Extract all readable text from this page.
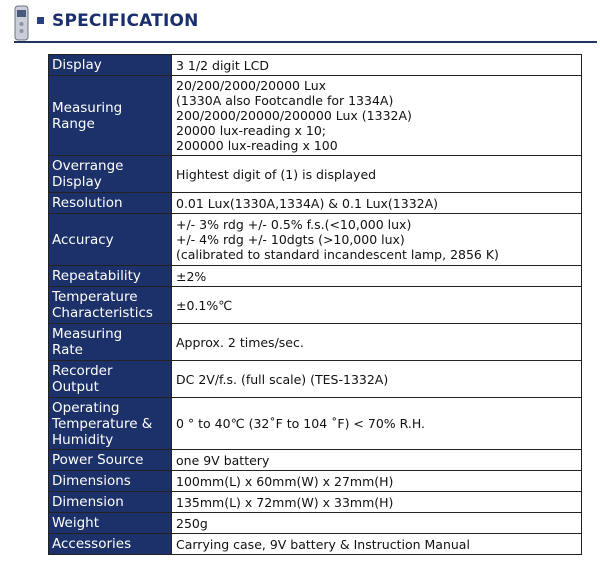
SPECIFICATION
Display	3 1/2 digit LCD

Measuring
Range	20/200/2000/20000 Lux
(1330A also Footcandle for 1334A)
200/2000/20000/200000 Lux (1332A)
20000 lux-reading x 10;
200000 lux-reading x 100

Overrange
Display	Hightest digit of (1) is displayed

Resolution	0.01 Lux(1330A,1334A) & 0.1 Lux(1332A)

Accuracy	+/- 3% rdg +/- 0.5% f.s.(<10,000 lux)
+/- 4% rdg +/- 10dgts (>10,000 lux)
(calibrated to standard incandescent lamp, 2856 K)

Repeatability	±2%

Temperature
Characteristics	±0.1%℃

Measuring
Rate	Approx. 2 times/sec.

Recorder
Output	DC 2V/f.s. (full scale) (TES-1332A)

Operating
Temperature &
Humidity	0 ° to 40℃ (32˚F to 104 ˚F) < 70% R.H.

Power Source	one 9V battery

Dimensions	100mm(L) x 60mm(W) x 27mm(H)

Dimension	135mm(L) x 72mm(W) x 33mm(H)

Weight	250g

Accessories	Carrying case, 9V battery & Instruction Manual
